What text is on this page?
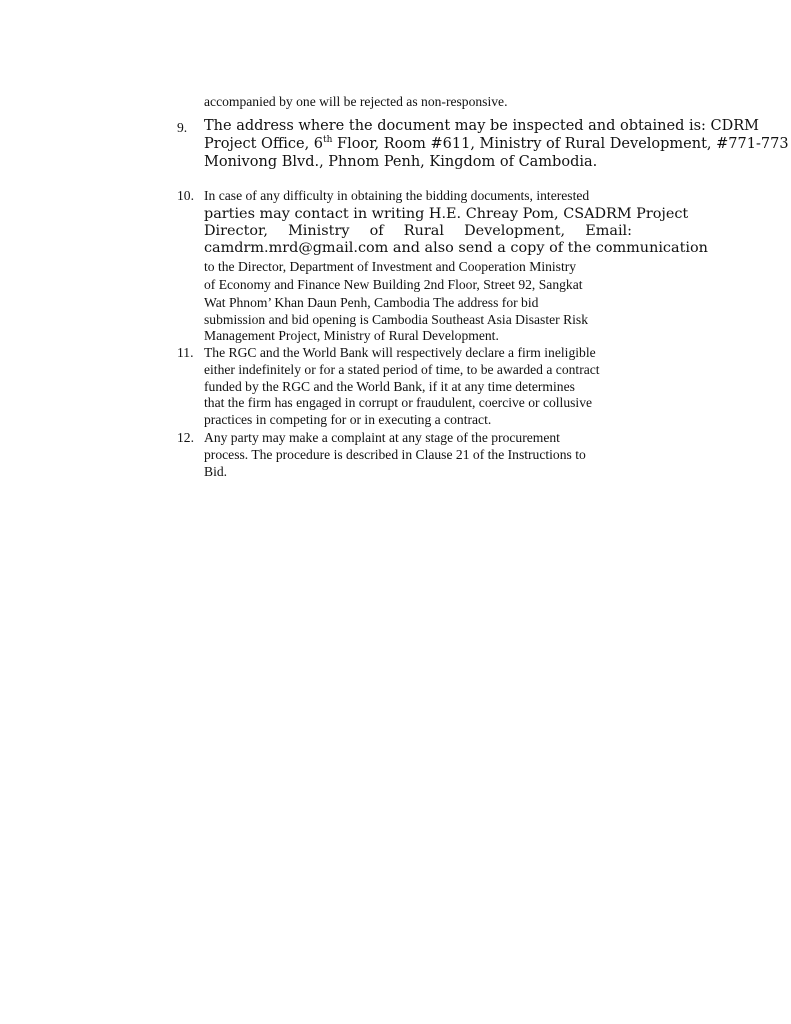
accompanied by one will be rejected as non-responsive.
9. The address where the document may be inspected and obtained is: CDRM
Project Office, 6th Floor, Room #611, Ministry of Rural Development, #771-773
Monivong Blvd., Phnom Penh, Kingdom of Cambodia.
10. In case of any difficulty in obtaining the bidding documents, interested
parties may contact in writing H.E. Chreay Pom, CSADRM Project
Director, Ministry of Rural Development, Email:
camdrm.mrd@gmail.com and also send a copy of the communication
to the Director, Department of Investment and Cooperation Ministry
of Economy and Finance New Building 2nd Floor, Street 92, Sangkat
Wat Phnom’ Khan Daun Penh, Cambodia The address for bid
submission and bid opening is Cambodia Southeast Asia Disaster Risk
Management Project, Ministry of Rural Development.
11. The RGC and the World Bank will respectively declare a firm ineligible
either indefinitely or for a stated period of time, to be awarded a contract
funded by the RGC and the World Bank, if it at any time determines
that the firm has engaged in corrupt or fraudulent, coercive or collusive
practices in competing for or in executing a contract.
12. Any party may make a complaint at any stage of the procurement
process. The procedure is described in Clause 21 of the Instructions to
Bid.
